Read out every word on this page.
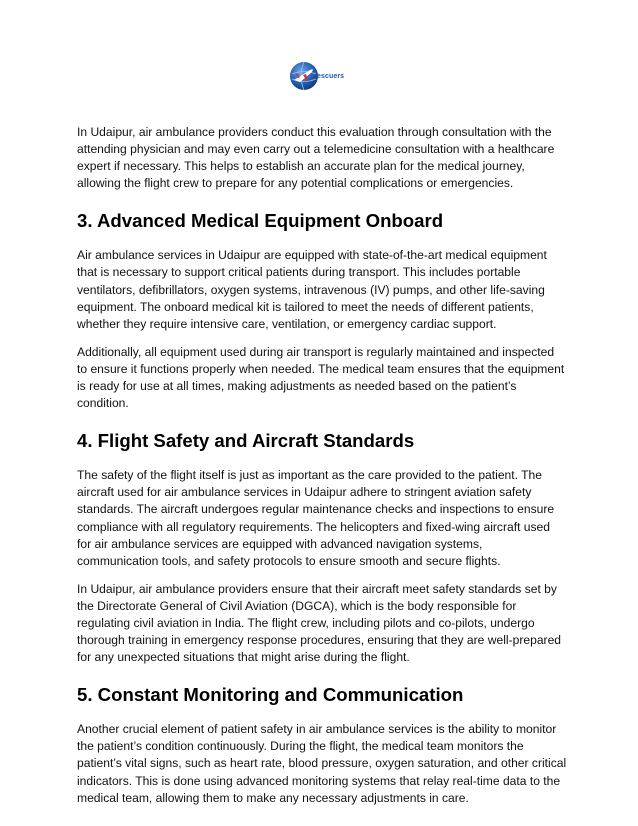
escuers

In Udaipur, air ambulance providers conduct this evaluation through consultation with the attending physician and may even carry out a telemedicine consultation with a healthcare expert if necessary. This helps to establish an accurate plan for the medical journey, allowing the flight crew to prepare for any potential complications or emergencies.

3. Advanced Medical Equipment Onboard

Air ambulance services in Udaipur are equipped with state-of-the-art medical equipment that is necessary to support critical patients during transport. This includes portable ventilators, defibrillators, oxygen systems, intravenous (IV) pumps, and other life-saving equipment. The onboard medical kit is tailored to meet the needs of different patients, whether they require intensive care, ventilation, or emergency cardiac support.

Additionally, all equipment used during air transport is regularly maintained and inspected to ensure it functions properly when needed. The medical team ensures that the equipment is ready for use at all times, making adjustments as needed based on the patient’s condition.

4. Flight Safety and Aircraft Standards

The safety of the flight itself is just as important as the care provided to the patient. The aircraft used for air ambulance services in Udaipur adhere to stringent aviation safety standards. The aircraft undergoes regular maintenance checks and inspections to ensure compliance with all regulatory requirements. The helicopters and fixed-wing aircraft used for air ambulance services are equipped with advanced navigation systems, communication tools, and safety protocols to ensure smooth and secure flights.

In Udaipur, air ambulance providers ensure that their aircraft meet safety standards set by the Directorate General of Civil Aviation (DGCA), which is the body responsible for regulating civil aviation in India. The flight crew, including pilots and co-pilots, undergo thorough training in emergency response procedures, ensuring that they are well-prepared for any unexpected situations that might arise during the flight.

5. Constant Monitoring and Communication

Another crucial element of patient safety in air ambulance services is the ability to monitor the patient’s condition continuously. During the flight, the medical team monitors the patient’s vital signs, such as heart rate, blood pressure, oxygen saturation, and other critical indicators. This is done using advanced monitoring systems that relay real-time data to the medical team, allowing them to make any necessary adjustments in care.
